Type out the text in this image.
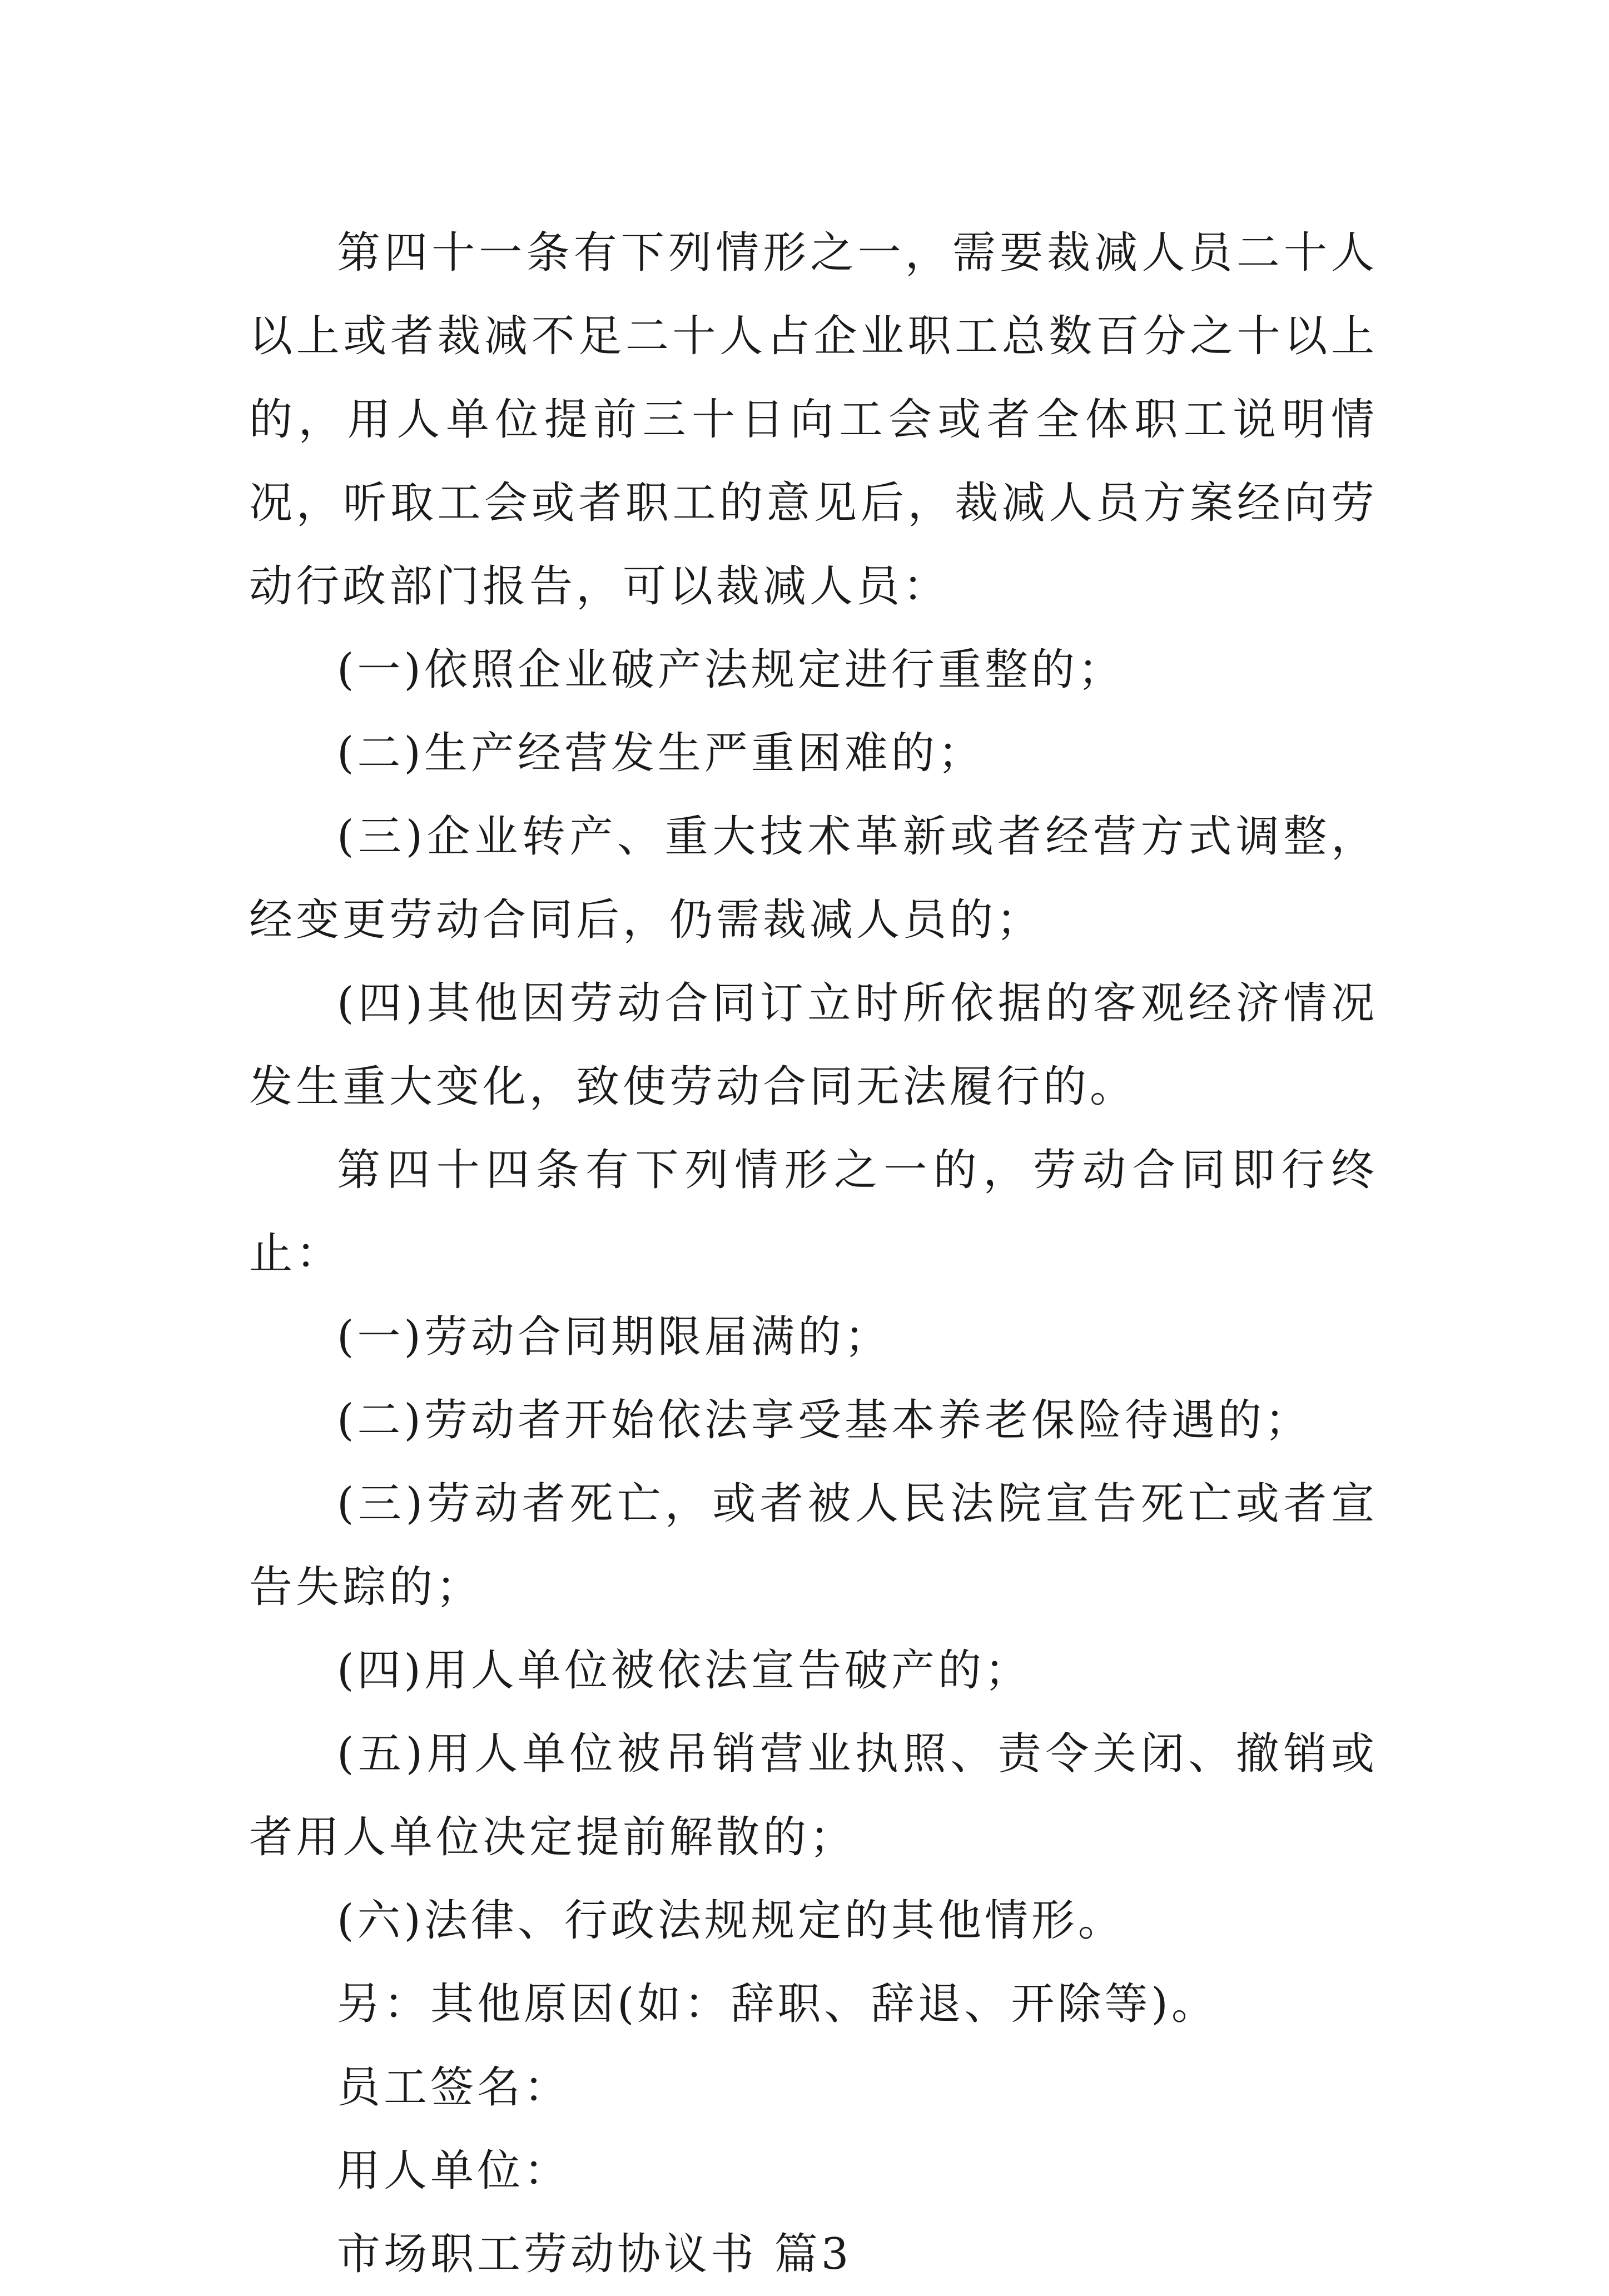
第四十一条有下列情形之一，需要裁减人员二十人以上或者裁减不足二十人占企业职工总数百分之十以上的，用人单位提前三十日向工会或者全体职工说明情况，听取工会或者职工的意见后，裁减人员方案经向劳动行政部门报告，可以裁减人员：

(一)依照企业破产法规定进行重整的；

(二)生产经营发生严重困难的；

(三)企业转产、重大技术革新或者经营方式调整，经变更劳动合同后，仍需裁减人员的；

(四)其他因劳动合同订立时所依据的客观经济情况发生重大变化，致使劳动合同无法履行的。

第四十四条有下列情形之一的，劳动合同即行终止：

(一)劳动合同期限届满的；

(二)劳动者开始依法享受基本养老保险待遇的；

(三)劳动者死亡，或者被人民法院宣告死亡或者宣告失踪的；

(四)用人单位被依法宣告破产的；

(五)用人单位被吊销营业执照、责令关闭、撤销或者用人单位决定提前解散的；

(六)法律、行政法规规定的其他情形。

另：其他原因(如：辞职、辞退、开除等)。

员工签名：

用人单位：

市场职工劳动协议书 篇3
